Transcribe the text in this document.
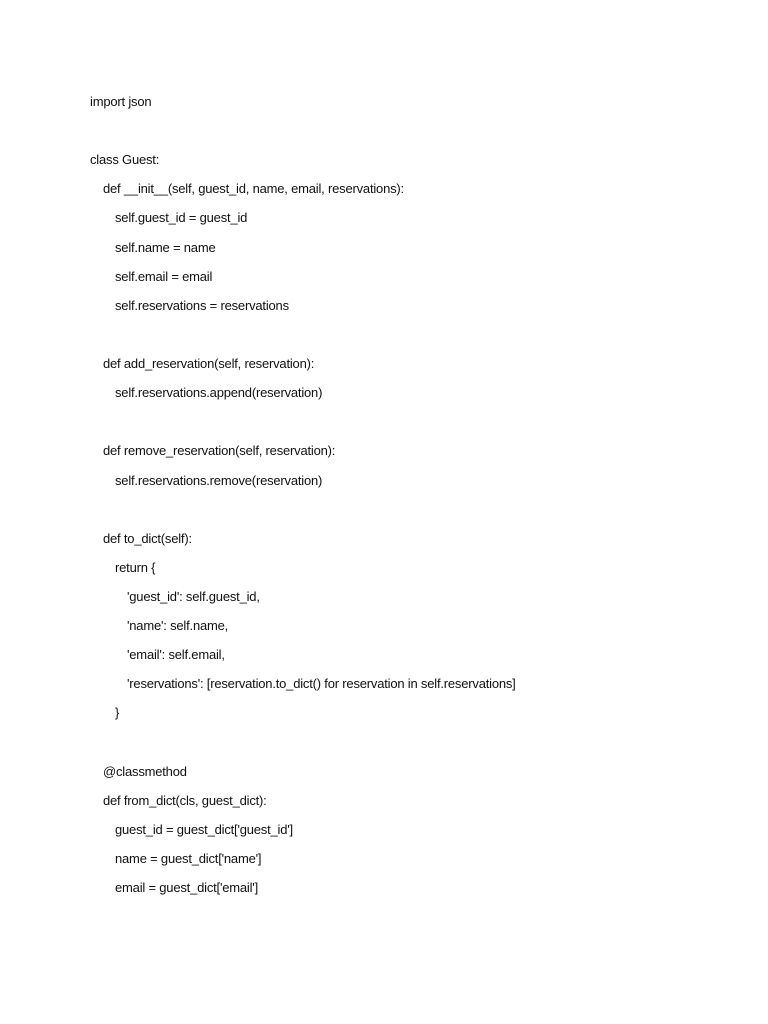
import json
class Guest:
def __init__(self, guest_id, name, email, reservations):
self.guest_id = guest_id
self.name = name
self.email = email
self.reservations = reservations
def add_reservation(self, reservation):
self.reservations.append(reservation)
def remove_reservation(self, reservation):
self.reservations.remove(reservation)
def to_dict(self):
return {
'guest_id': self.guest_id,
'name': self.name,
'email': self.email,
'reservations': [reservation.to_dict() for reservation in self.reservations]
}
@classmethod
def from_dict(cls, guest_dict):
guest_id = guest_dict['guest_id']
name = guest_dict['name']
email = guest_dict['email']
